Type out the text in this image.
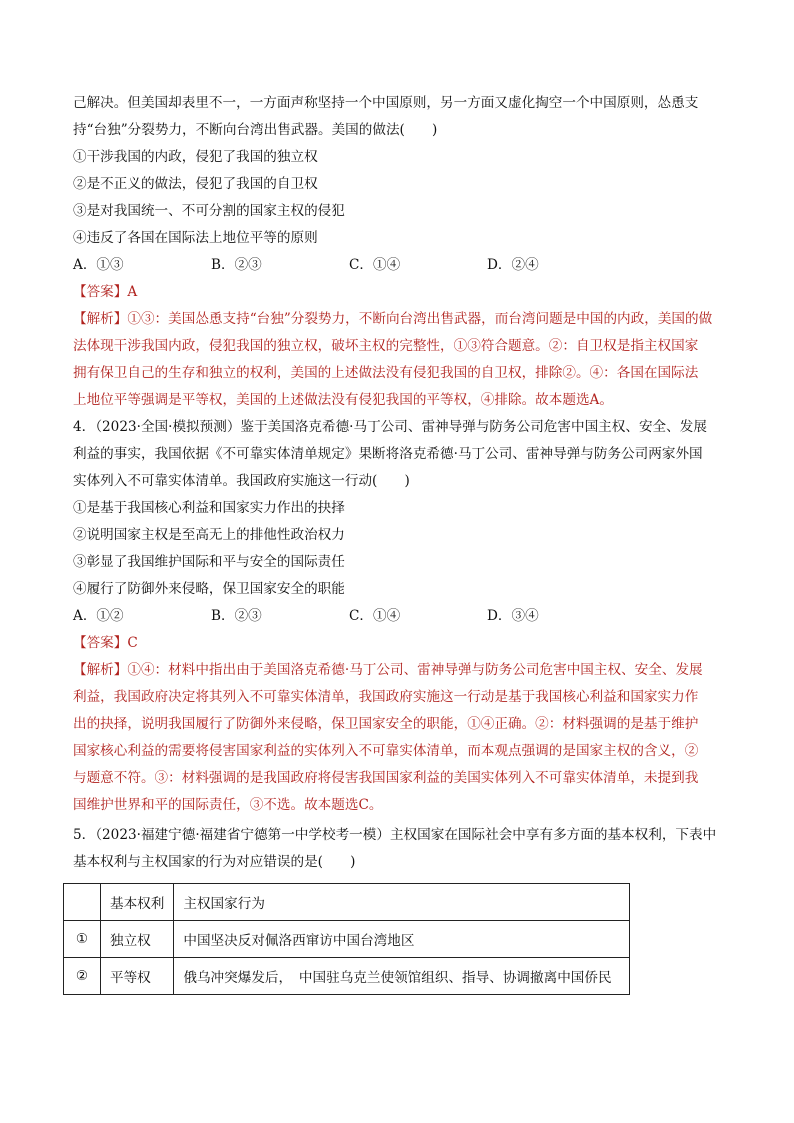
己解决。但美国却表里不一，一方面声称坚持一个中国原则，另一方面又虚化掏空一个中国原则，怂恿支
持“台独”分裂势力，不断向台湾出售武器。美国的做法(　　)
①干涉我国的内政，侵犯了我国的独立权
②是不正义的做法，侵犯了我国的自卫权
③是对我国统一、不可分割的国家主权的侵犯
④违反了各国在国际法上地位平等的原则
A．①③	B．②③	C．①④	D．②④
【答案】A
【解析】①③：美国怂恿支持“台独”分裂势力，不断向台湾出售武器，而台湾问题是中国的内政，美国的做
法体现干涉我国内政，侵犯我国的独立权，破坏主权的完整性，①③符合题意。②：自卫权是指主权国家
拥有保卫自己的生存和独立的权利，美国的上述做法没有侵犯我国的自卫权，排除②。④：各国在国际法
上地位平等强调是平等权，美国的上述做法没有侵犯我国的平等权，④排除。故本题选A。
4．（2023·全国·模拟预测）鉴于美国洛克希德·马丁公司、雷神导弹与防务公司危害中国主权、安全、发展
利益的事实，我国依据《不可靠实体清单规定》果断将洛克希德·马丁公司、雷神导弹与防务公司两家外国
实体列入不可靠实体清单。我国政府实施这一行动(　　)
①是基于我国核心利益和国家实力作出的抉择
②说明国家主权是至高无上的排他性政治权力
③彰显了我国维护国际和平与安全的国际责任
④履行了防御外来侵略，保卫国家安全的职能
A．①②	B．②③	C．①④	D．③④
【答案】C
【解析】①④：材料中指出由于美国洛克希德·马丁公司、雷神导弹与防务公司危害中国主权、安全、发展
利益，我国政府决定将其列入不可靠实体清单，我国政府实施这一行动是基于我国核心利益和国家实力作
出的抉择，说明我国履行了防御外来侵略，保卫国家安全的职能，①④正确。②：材料强调的是基于维护
国家核心利益的需要将侵害国家利益的实体列入不可靠实体清单，而本观点强调的是国家主权的含义，②
与题意不符。③：材料强调的是我国政府将侵害我国国家利益的美国实体列入不可靠实体清单，未提到我
国维护世界和平的国际责任，③不选。故本题选C。
5．（2023·福建宁德·福建省宁德第一中学校考一模）主权国家在国际社会中享有多方面的基本权利，下表中
基本权利与主权国家的行为对应错误的是(　　)
	基本权利	主权国家行为
①	独立权	中国坚决反对佩洛西窜访中国台湾地区
②	平等权	俄乌冲突爆发后，　中国驻乌克兰使领馆组织、指导、协调撤离中国侨民
